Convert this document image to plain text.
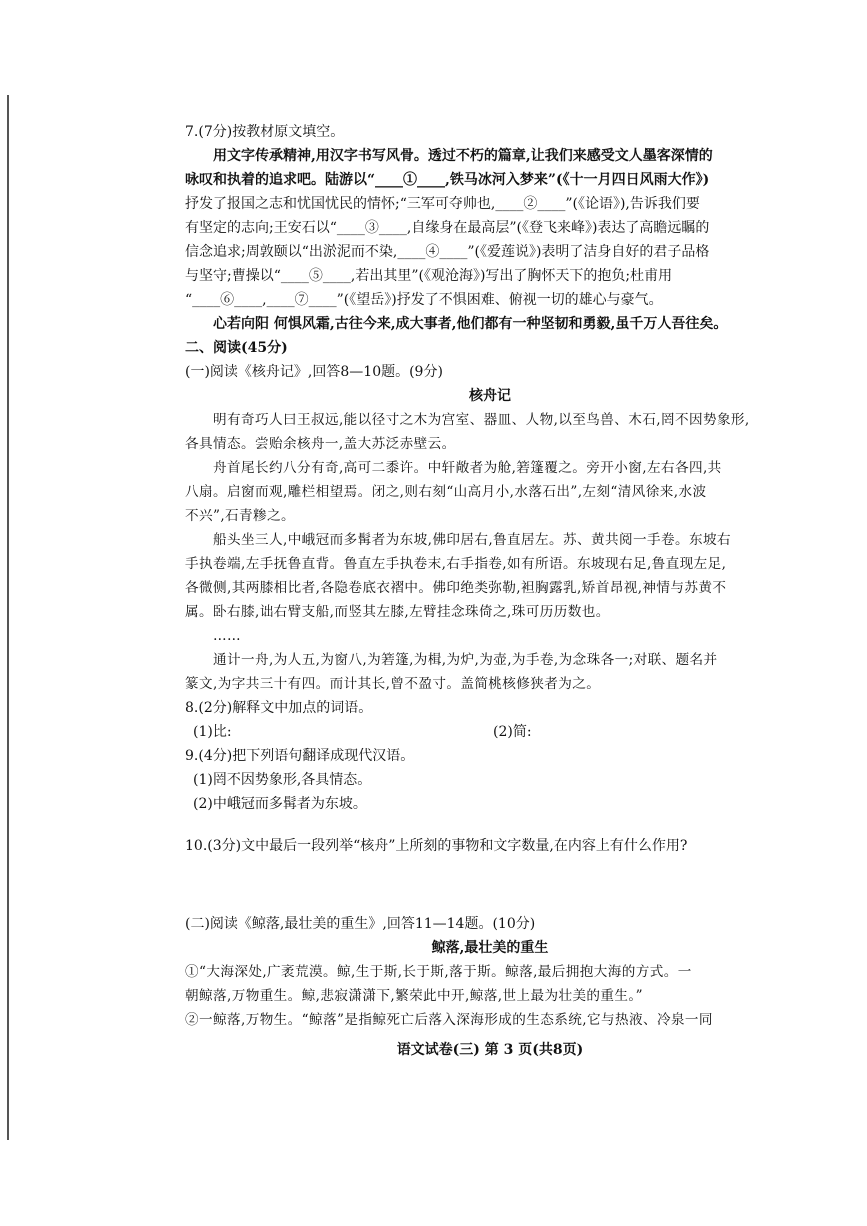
7.(7分)按教材原文填空。
用文字传承精神,用汉字书写风骨。透过不朽的篇章,让我们来感受文人墨客深情的
咏叹和执着的追求吧。陆游以“____①____,铁马冰河入梦来”(《十一月四日风雨大作》)
抒发了报国之志和忧国忧民的情怀;“三军可夺帅也,____②____”(《论语》),告诉我们要
有坚定的志向;王安石以“____③____,自缘身在最高层”(《登飞来峰》)表达了高瞻远瞩的
信念追求;周敦颐以“出淤泥而不染,____④____”(《爱莲说》)表明了洁身自好的君子品格
与坚守;曹操以“____⑤____,若出其里”(《观沧海》)写出了胸怀天下的抱负;杜甫用
“____⑥____,____⑦____”(《望岳》)抒发了不惧困难、俯视一切的雄心与豪气。
心若向阳 何惧风霜,古往今来,成大事者,他们都有一种坚韧和勇毅,虽千万人吾往矣。
二、阅读(45分)
(一)阅读《核舟记》,回答8—10题。(9分)
核舟记
明有奇巧人曰王叔远,能以径寸之木为宫室、器皿、人物,以至鸟兽、木石,罔不因势象形,
各具情态。尝贻余核舟一,盖大苏泛赤壁云。
舟首尾长约八分有奇,高可二黍许。中轩敞者为舱,箬篷覆之。旁开小窗,左右各四,共
八扇。启窗而观,雕栏相望焉。闭之,则右刻“山高月小,水落石出”,左刻“清风徐来,水波
不兴”,石青糁之。
船头坐三人,中峨冠而多髯者为东坡,佛印居右,鲁直居左。苏、黄共阅一手卷。东坡右
手执卷端,左手抚鲁直背。鲁直左手执卷末,右手指卷,如有所语。东坡现右足,鲁直现左足,
各微侧,其两膝相比者,各隐卷底衣褶中。佛印绝类弥勒,袒胸露乳,矫首昂视,神情与苏黄不
属。卧右膝,诎右臂支船,而竖其左膝,左臂挂念珠倚之,珠可历历数也。
……
通计一舟,为人五,为窗八,为箬篷,为楫,为炉,为壶,为手卷,为念珠各一;对联、题名并
篆文,为字共三十有四。而计其长,曾不盈寸。盖简桃核修狭者为之。
8.(2分)解释文中加点的词语。
(1)比:	(2)简:
9.(4分)把下列语句翻译成现代汉语。
(1)罔不因势象形,各具情态。
(2)中峨冠而多髯者为东坡。
10.(3分)文中最后一段列举“核舟”上所刻的事物和文字数量,在内容上有什么作用?
(二)阅读《鲸落,最壮美的重生》,回答11—14题。(10分)
鲸落,最壮美的重生
①“大海深处,广袤荒漠。鲸,生于斯,长于斯,落于斯。鲸落,最后拥抱大海的方式。一
朝鲸落,万物重生。鲸,悲寂潇潇下,繁荣此中开,鲸落,世上最为壮美的重生。”
②一鲸落,万物生。“鲸落”是指鲸死亡后落入深海形成的生态系统,它与热液、冷泉一同
语文试卷(三) 第 3 页(共8页)
